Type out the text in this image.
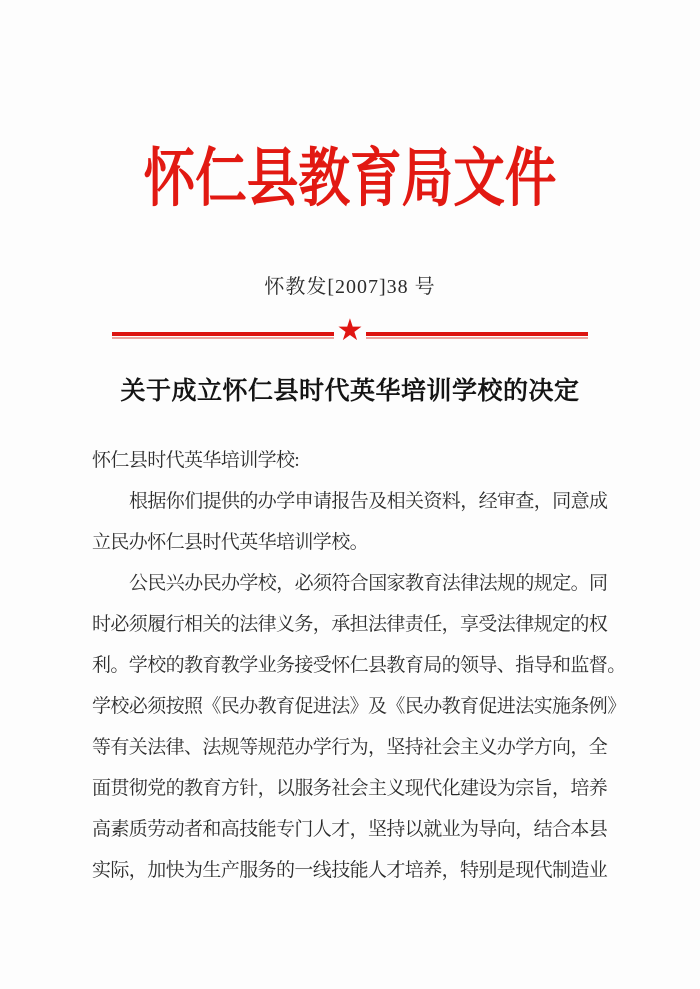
怀仁县教育局文件
怀教发[2007]38 号
★
关于成立怀仁县时代英华培训学校的决定
怀仁县时代英华培训学校:
根据你们提供的办学申请报告及相关资料，经审查，同意成
立民办怀仁县时代英华培训学校。
公民兴办民办学校，必须符合国家教育法律法规的规定。同
时必须履行相关的法律义务，承担法律责任，享受法律规定的权
利。学校的教育教学业务接受怀仁县教育局的领导、指导和监督。
学校必须按照《民办教育促进法》及《民办教育促进法实施条例》
等有关法律、法规等规范办学行为，坚持社会主义办学方向，全
面贯彻党的教育方针，以服务社会主义现代化建设为宗旨，培养
高素质劳动者和高技能专门人才，坚持以就业为导向，结合本县
实际，加快为生产服务的一线技能人才培养，特别是现代制造业
